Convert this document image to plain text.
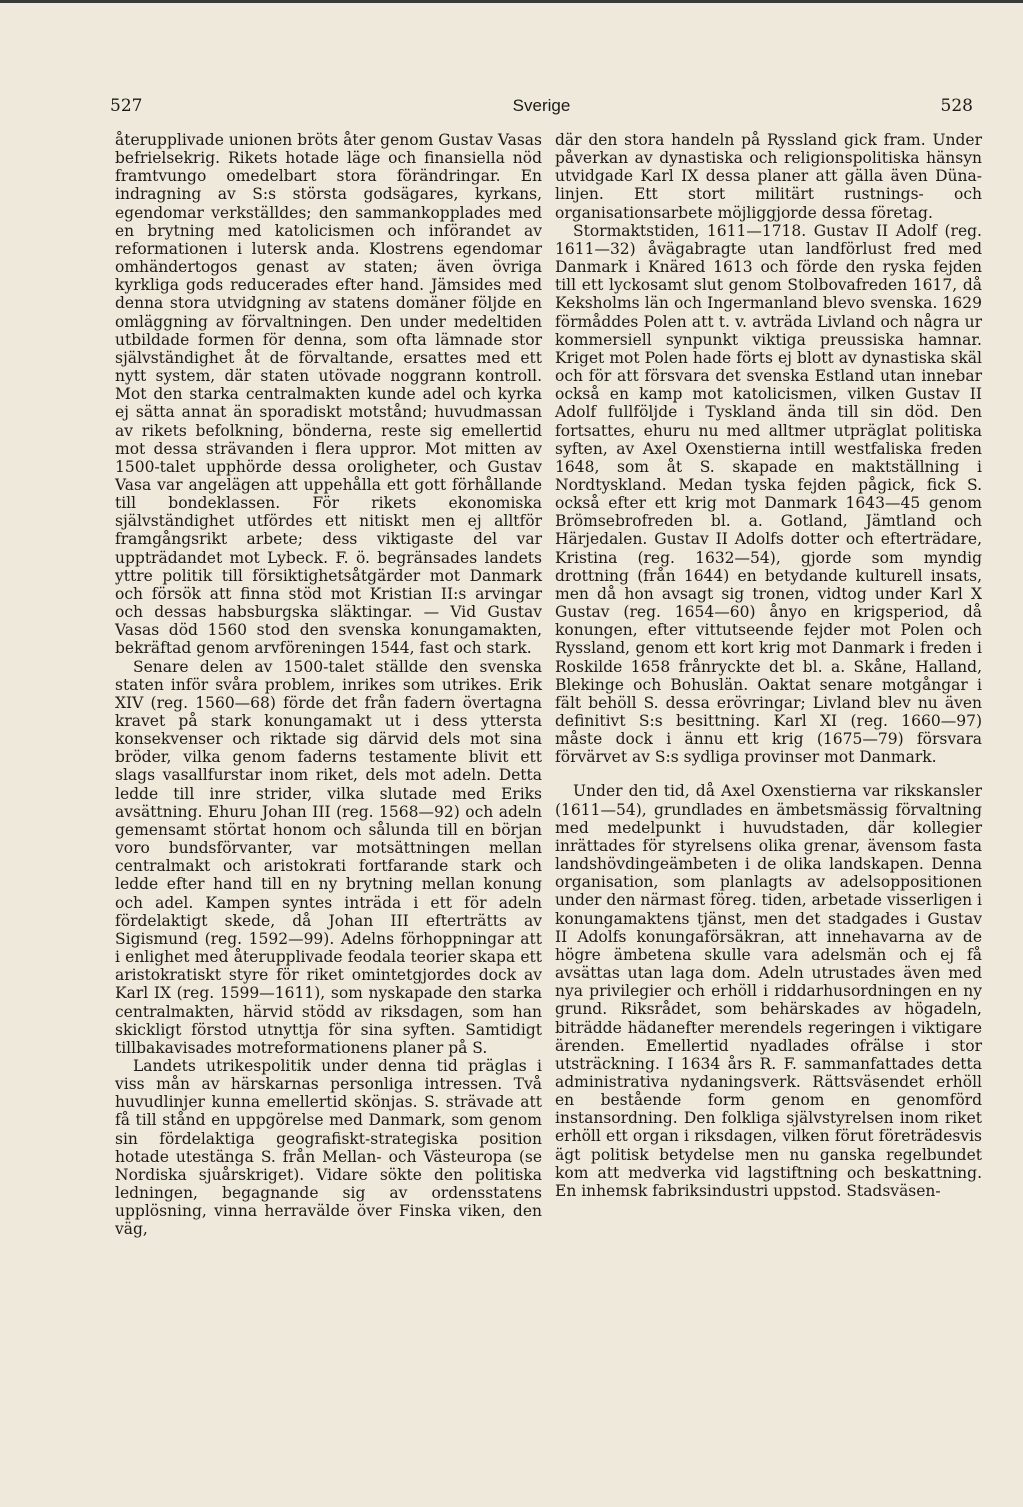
527	Sverige	528

återupplivade unionen bröts åter genom Gustav Vasas befrielsekrig. Rikets hotade läge och finansiella nöd framtvungo omedelbart stora förändringar. En indragning av S:s största godsägares, kyrkans, egendomar verkställdes; den sammankopplades med en brytning med katolicismen och införandet av reformationen i lutersk anda. Klostrens egendomar omhändertogos genast av staten; även övriga kyrkliga gods reducerades efter hand. Jämsides med denna stora utvidgning av statens domäner följde en omläggning av förvaltningen. Den under medeltiden utbildade formen för denna, som ofta lämnade stor självständighet åt de förvaltande, ersattes med ett nytt system, där staten utövade noggrann kontroll. Mot den starka centralmakten kunde adel och kyrka ej sätta annat än sporadiskt motstånd; huvudmassan av rikets befolkning, bönderna, reste sig emellertid mot dessa strävanden i flera uppror. Mot mitten av 1500-talet upphörde dessa oroligheter, och Gustav Vasa var angelägen att uppehålla ett gott förhållande till bondeklassen. För rikets ekonomiska självständighet utfördes ett nitiskt men ej alltför framgångsrikt arbete; dess viktigaste del var uppträdandet mot Lybeck. F. ö. begränsades landets yttre politik till försiktighetsåtgärder mot Danmark och försök att finna stöd mot Kristian II:s arvingar och dessas habsburgska släktingar. — Vid Gustav Vasas död 1560 stod den svenska konungamakten, bekräftad genom arvföreningen 1544, fast och stark.

Senare delen av 1500-talet ställde den svenska staten inför svåra problem, inrikes som utrikes. Erik XIV (reg. 1560—68) förde det från fadern övertagna kravet på stark konungamakt ut i dess yttersta konsekvenser och riktade sig därvid dels mot sina bröder, vilka genom faderns testamente blivit ett slags vasallfurstar inom riket, dels mot adeln. Detta ledde till inre strider, vilka slutade med Eriks avsättning. Ehuru Johan III (reg. 1568—92) och adeln gemensamt störtat honom och sålunda till en början voro bundsförvanter, var motsättningen mellan centralmakt och aristokrati fortfarande stark och ledde efter hand till en ny brytning mellan konung och adel. Kampen syntes inträda i ett för adeln fördelaktigt skede, då Johan III efterträtts av Sigismund (reg. 1592—99). Adelns förhoppningar att i enlighet med återupplivade feodala teorier skapa ett aristokratiskt styre för riket omintetgjordes dock av Karl IX (reg. 1599—1611), som nyskapade den starka centralmakten, härvid stödd av riksdagen, som han skickligt förstod utnyttja för sina syften. Samtidigt tillbakavisades motreformationens planer på S.

Landets utrikespolitik under denna tid präglas i viss mån av härskarnas personliga intressen. Två huvudlinjer kunna emellertid skönjas. S. strävade att få till stånd en uppgörelse med Danmark, som genom sin fördelaktiga geografiskt-strategiska position hotade utestänga S. från Mellan- och Västeuropa (se Nordiska sjuårskriget). Vidare sökte den politiska ledningen, begagnande sig av ordensstatens upplösning, vinna herravälde över Finska viken, den väg,

där den stora handeln på Ryssland gick fram. Under påverkan av dynastiska och religionspolitiska hänsyn utvidgade Karl IX dessa planer att gälla även Düna-linjen. Ett stort militärt rustnings- och organisationsarbete möjliggjorde dessa företag.

Stormaktstiden, 1611—1718. Gustav II Adolf (reg. 1611—32) åvägabragte utan landförlust fred med Danmark i Knäred 1613 och förde den ryska fejden till ett lyckosamt slut genom Stolbovafreden 1617, då Keksholms län och Ingermanland blevo svenska. 1629 förmåddes Polen att t. v. avträda Livland och några ur kommersiell synpunkt viktiga preussiska hamnar. Kriget mot Polen hade förts ej blott av dynastiska skäl och för att försvara det svenska Estland utan innebar också en kamp mot katolicismen, vilken Gustav II Adolf fullföljde i Tyskland ända till sin död. Den fortsattes, ehuru nu med alltmer utpräglat politiska syften, av Axel Oxenstierna intill westfaliska freden 1648, som åt S. skapade en maktställning i Nordtyskland. Medan tyska fejden pågick, fick S. också efter ett krig mot Danmark 1643—45 genom Brömsebrofreden bl. a. Gotland, Jämtland och Härjedalen. Gustav II Adolfs dotter och efterträdare, Kristina (reg. 1632—54), gjorde som myndig drottning (från 1644) en betydande kulturell insats, men då hon avsagt sig tronen, vidtog under Karl X Gustav (reg. 1654—60) ånyo en krigsperiod, då konungen, efter vittutseende fejder mot Polen och Ryssland, genom ett kort krig mot Danmark i freden i Roskilde 1658 frånryckte det bl. a. Skåne, Halland, Blekinge och Bohuslän. Oaktat senare motgångar i fält behöll S. dessa erövringar; Livland blev nu även definitivt S:s besittning. Karl XI (reg. 1660—97) måste dock i ännu ett krig (1675—79) försvara förvärvet av S:s sydliga provinser mot Danmark.

Under den tid, då Axel Oxenstierna var rikskansler (1611—54), grundlades en ämbetsmässig förvaltning med medelpunkt i huvudstaden, där kollegier inrättades för styrelsens olika grenar, ävensom fasta landshövdingeämbeten i de olika landskapen. Denna organisation, som planlagts av adelsoppositionen under den närmast föreg. tiden, arbetade visserligen i konungamaktens tjänst, men det stadgades i Gustav II Adolfs konungaförsäkran, att innehavarna av de högre ämbetena skulle vara adelsmän och ej få avsättas utan laga dom. Adeln utrustades även med nya privilegier och erhöll i riddarhusordningen en ny grund. Riksrådet, som behärskades av högadeln, biträdde hädanefter merendels regeringen i viktigare ärenden. Emellertid nyadlades ofrälse i stor utsträckning. I 1634 års R. F. sammanfattades detta administrativa nydaningsverk. Rättsväsendet erhöll en bestående form genom en genomförd instansordning. Den folkliga självstyrelsen inom riket erhöll ett organ i riksdagen, vilken förut företrädesvis ägt politisk betydelse men nu ganska regelbundet kom att medverka vid lagstiftning och beskattning. En inhemsk fabriksindustri uppstod. Stadsväsen-
